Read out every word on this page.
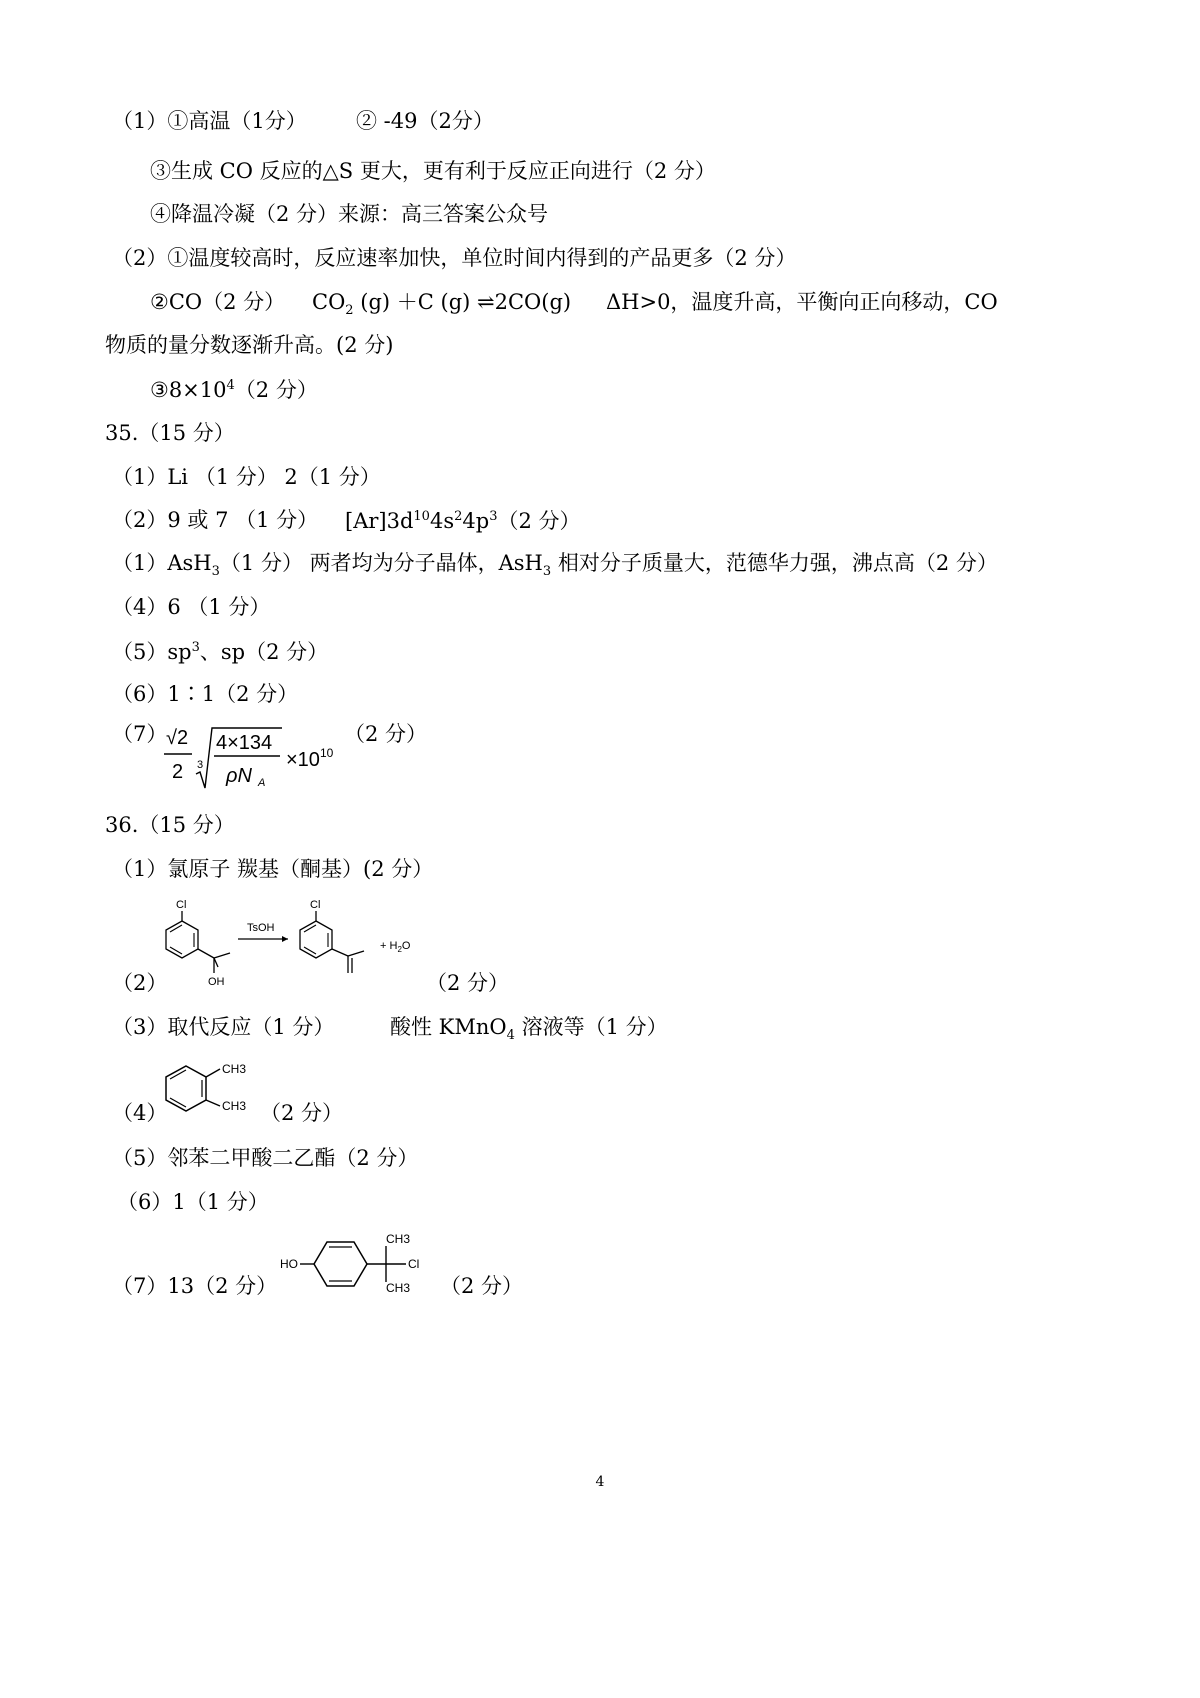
（1）①高温（1分） ② -49（2分）
③生成 CO 反应的△S 更大，更有利于反应正向进行（2 分）
④降温冷凝（2 分）来源：高三答案公众号
（2）①温度较高时，反应速率加快，单位时间内得到的产品更多（2 分）
②CO（2 分） $CO_2$ (g) ＋C (g) ⇌2CO(g) ΔH>0，温度升高，平衡向正向移动，CO
物质的量分数逐渐升高。(2 分)
$③8\times 10^4(2$ 分）
35.（15 分）
（1）Li （1 分） 2（1 分）
（2）9 或 7 （1 分） $[Ar]3d^{10}4s^24p^3(2$ 分）
（1）AsH$_3$（1 分） 两者均为分子晶体，AsH$_3$ 相对分子质量大，范德华力强，沸点高（2 分）
（4）6 （1 分）
$(5)sp^3$、sp（2 分）
（6）1∶1（2 分）
（7）
√2
2 3
4×134
ρN A
×10 10
（2 分）
36.（15 分）
（1）氯原子 羰基（酮基）(2 分）
（2）
Cl
OH
TsOH
Cl
+ $H_2O$
（2 分）
（3）取代反应（1 分）	酸性 KMnO$_4$ 溶液等（1 分）
（4）
CH3
CH3 （2 分）
（5）邻苯二甲酸二乙酯（2 分）
（6）1（1 分）
（7）13（2 分）
HO
CH3
Cl
CH3 （2 分）
4
